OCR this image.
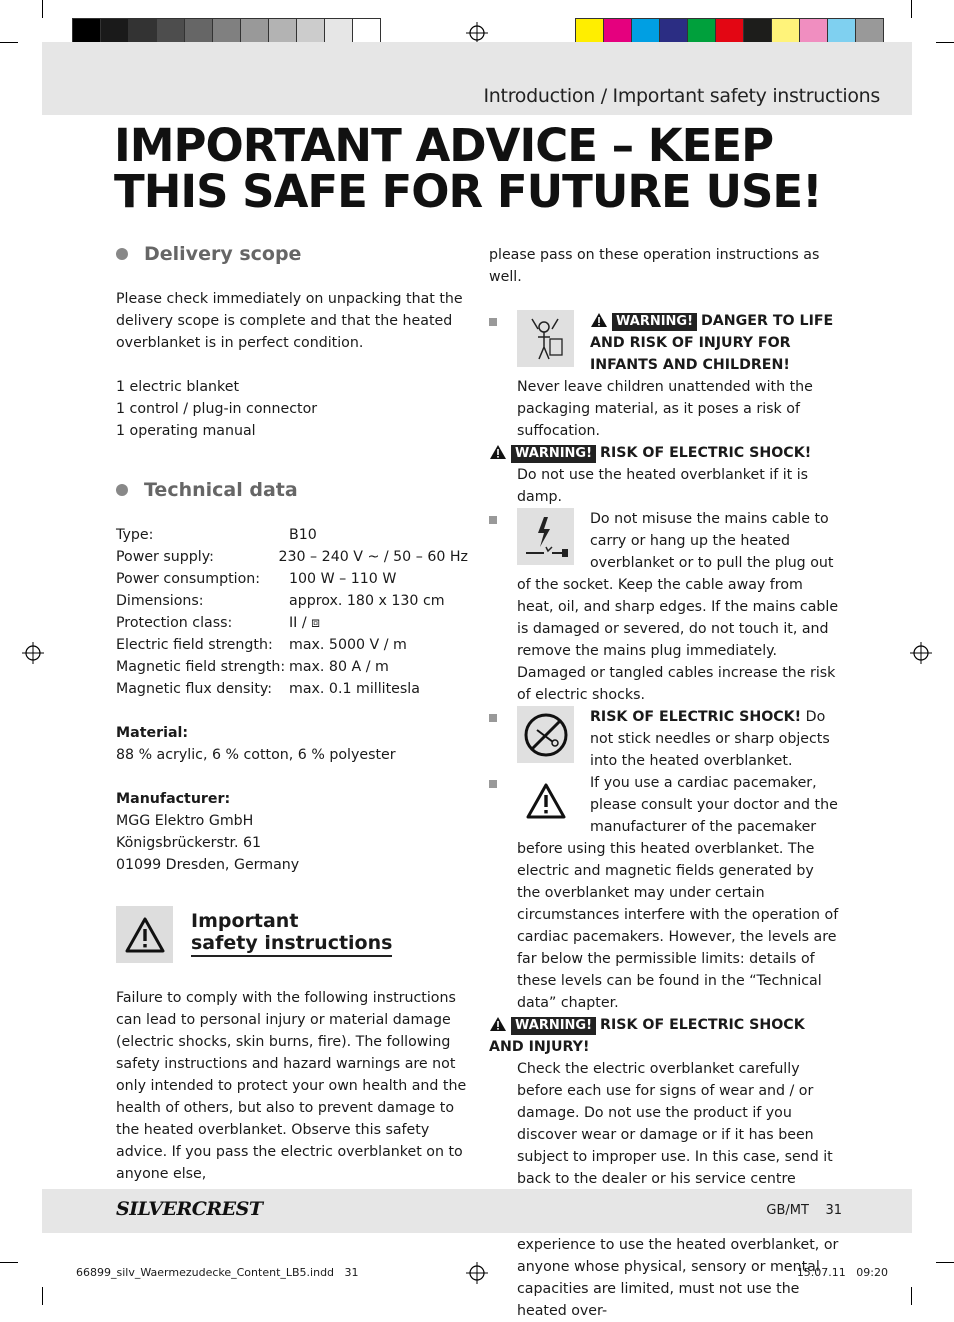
Introduction / Important safety instructions
IMPORTANT ADVICE – KEEP
THIS SAFE FOR FUTURE USE!
Delivery scope

Please check immediately on unpacking that the delivery scope is complete and that the heated overblanket is in perfect condition.

1 electric blanket

1 control / plug-in connector

1 operating manual

Technical data
Type:	B10
Power supply:	230 – 240 V ~ / 50 – 60 Hz
Power consumption:	100 W – 110 W
Dimensions:	approx. 180 x 130 cm
Protection class:	II / ⧈
Electric field strength:	max. 5000 V / m
Magnetic field strength: max. 80 A / m
Magnetic flux density:	max. 0.1 millitesla

Material:

88 % acrylic, 6 % cotton, 6 % polyester

Manufacturer:

MGG Elektro GmbH

Königsbrückerstr. 61

01099 Dresden, Germany

Important
safety instructions

Failure to comply with the following instructions can lead to personal injury or material damage (electric shocks, skin burns, fire). The following safety instructions and hazard warnings are not only intended to protect your own health and the health of others, but also to prevent damage to the heated overblanket. Observe this safety advice. If you pass the electric overblanket on to anyone else,

please pass on these operation instructions as well.

WARNING! DANGER TO LIFE AND RISK OF INJURY FOR INFANTS AND CHILDREN!

Never leave children unattended with the packaging material, as it poses a risk of suffocation.

WARNING! RISK OF ELECTRIC SHOCK!

Do not use the heated overblanket if it is damp.

Do not misuse the mains cable to carry or hang up the heated overblanket or to pull the plug out of the socket. Keep the cable away from heat, oil, and sharp edges. If the mains cable is damaged or severed, do not touch it, and remove the mains plug immediately. Damaged or tangled cables increase the risk of electric shocks.

RISK OF ELECTRIC SHOCK! Do not stick needles or sharp objects into the heated overblanket.

If you use a cardiac pacemaker, please consult your doctor and the manufacturer of the pacemaker before using this heated overblanket. The electric and magnetic fields generated by the overblanket may under certain circumstances interfere with the operation of cardiac pacemakers. However, the levels are far below the permissible limits: details of these levels can be found in the “Technical data” chapter.

WARNING! RISK OF ELECTRIC SHOCK AND INJURY!

Check the electric overblanket carefully before each use for signs of wear and / or damage. Do not use the product if you discover wear or damage or if it has been subject to improper use. In this case, send it back to the dealer or his service centre

experience to use the heated overblanket, or anyone whose physical, sensory or mental capacities are limited, must not use the heated over-

SILVERCREST	GB/MT    31
66899_silv_Waermezudecke_Content_LB5.indd   31	15.07.11   09:20
